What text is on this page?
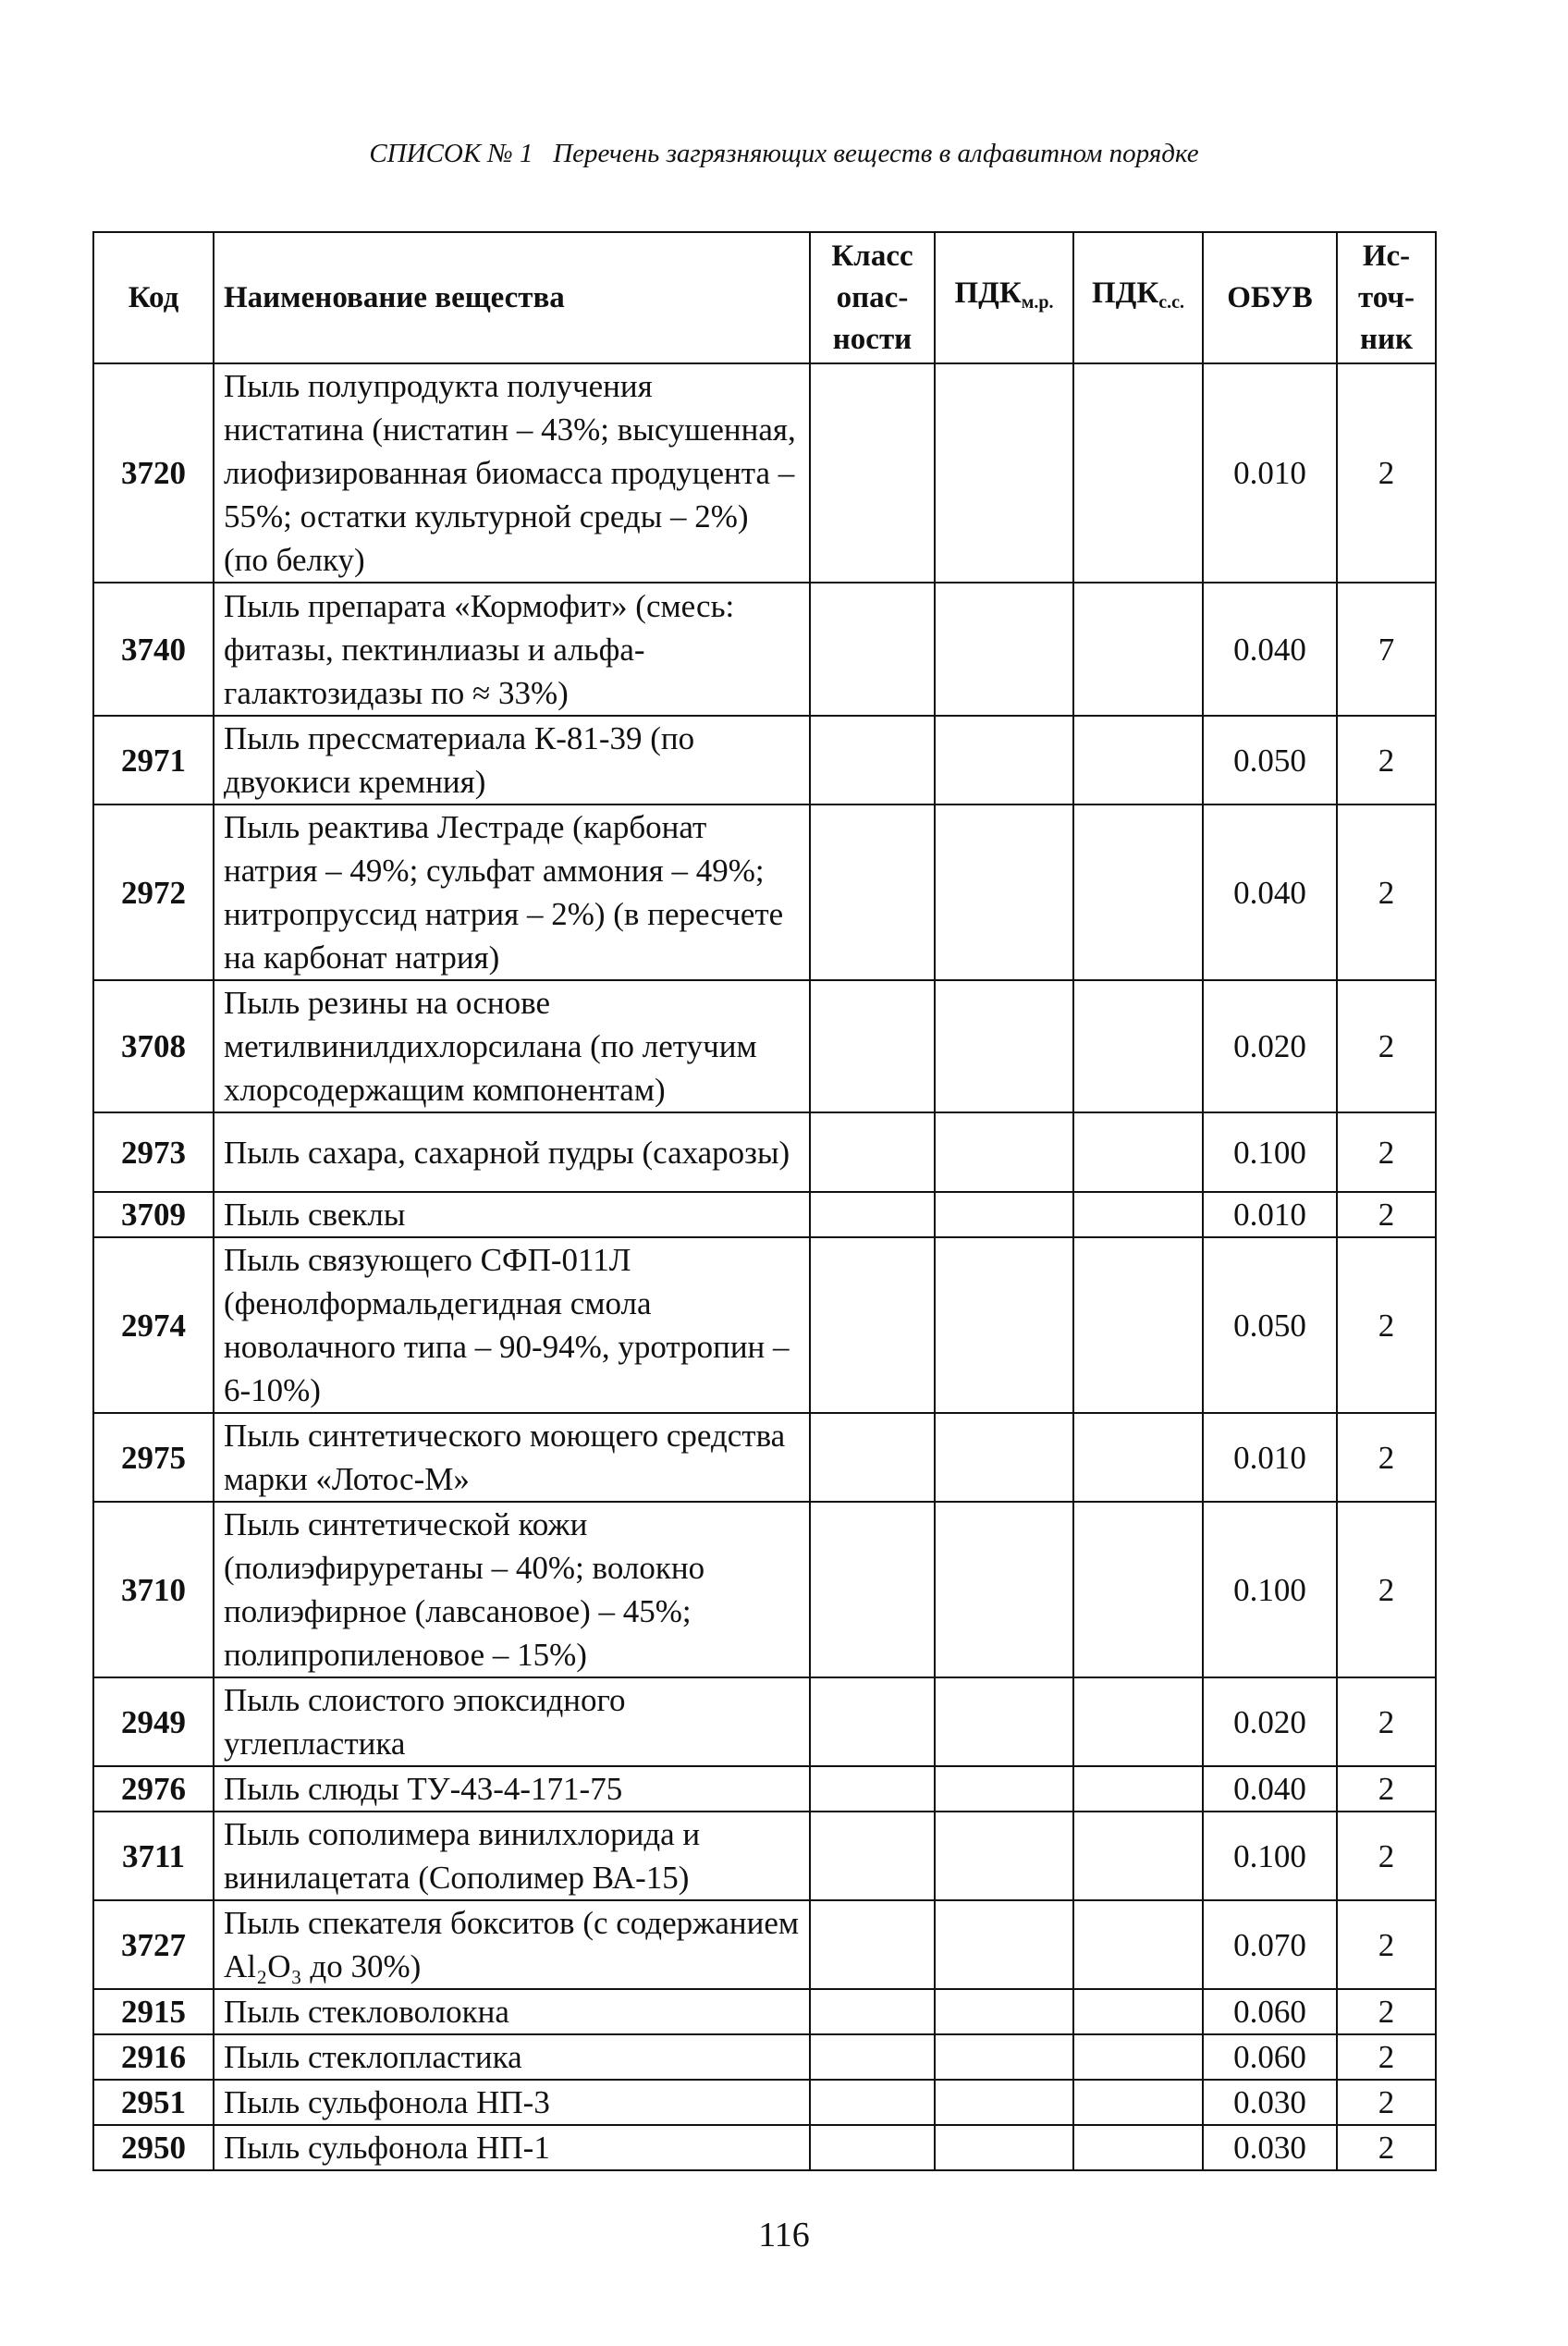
СПИСОК № 1 Перечень загрязняющих веществ в алфавитном порядке
Код	Наименование вещества	Класс опас- ности	$ПДК_{м.р.}$	$ПДК_{с.с.}$	ОБУВ	Ис- точ- ник
3720	Пыль полупродукта получения нистатина (нистатин – 43%; высушенная, лиофизированная биомасса продуцента – 55%; остатки культурной среды – 2%) (по белку)				0.010	2
3740	Пыль препарата «Кормофит» (смесь: фитазы, пектинлиазы и альфа-галактозидазы по ≈ 33%)				0.040	7
2971	Пыль прессматериала К-81-39 (по двуокиси кремния)				0.050	2
2972	Пыль реактива Лестраде (карбонат натрия – 49%; сульфат аммония – 49%; нитропруссид натрия – 2%) (в пересчете на карбонат натрия)				0.040	2
3708	Пыль резины на основе метилвинилдихлорсилана (по летучим хлорсодержащим компонентам)				0.020	2
2973	Пыль сахара, сахарной пудры (сахарозы)				0.100	2
3709	Пыль свеклы				0.010	2
2974	Пыль связующего СФП-011Л (фенолформальдегидная смола новолачного типа – 90-94%, уротропин – 6-10%)				0.050	2
2975	Пыль синтетического моющего средства марки «Лотос-М»				0.010	2
3710	Пыль синтетической кожи (полиэфируретаны – 40%; волокно полиэфирное (лавсановое) – 45%; полипропиленовое – 15%)				0.100	2
2949	Пыль слоистого эпоксидного углепластика				0.020	2
2976	Пыль слюды ТУ-43-4-171-75				0.040	2
3711	Пыль сополимера винилхлорида и винилацетата (Сополимер ВА-15)				0.100	2
3727	Пыль спекателя бокситов (с содержанием Al₂O₃ до 30%)				0.070	2
2915	Пыль стекловолокна				0.060	2
2916	Пыль стеклопластика				0.060	2
2951	Пыль сульфонола НП-3				0.030	2
2950	Пыль сульфонола НП-1				0.030	2
116
